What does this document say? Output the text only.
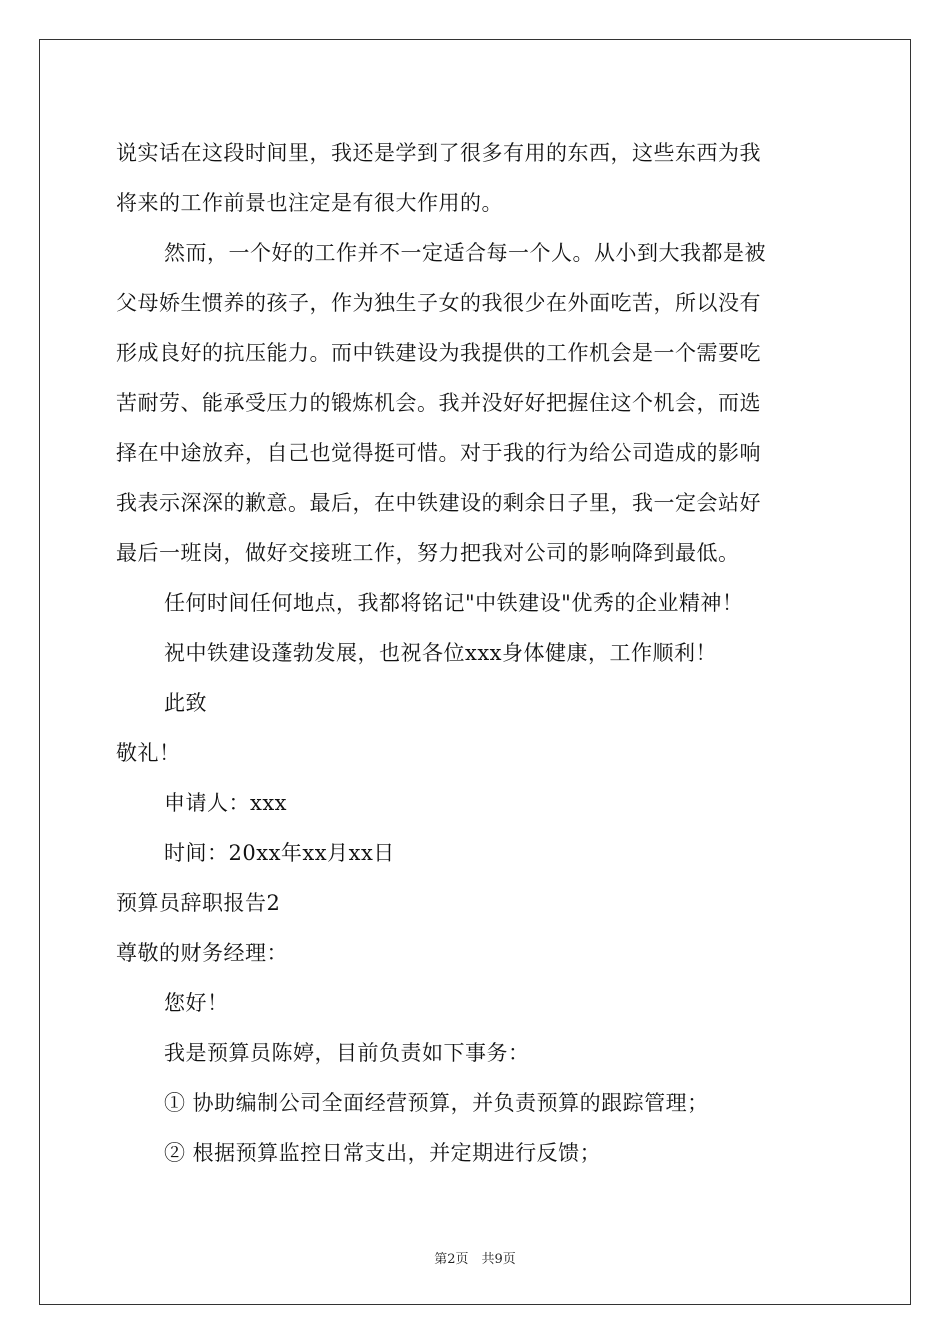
说实话在这段时间里，我还是学到了很多有用的东西，这些东西为我
将来的工作前景也注定是有很大作用的。
然而，一个好的工作并不一定适合每一个人。从小到大我都是被
父母娇生惯养的孩子，作为独生子女的我很少在外面吃苦，所以没有
形成良好的抗压能力。而中铁建设为我提供的工作机会是一个需要吃
苦耐劳、能承受压力的锻炼机会。我并没好好把握住这个机会，而选
择在中途放弃，自己也觉得挺可惜。对于我的行为给公司造成的影响
我表示深深的歉意。最后，在中铁建设的剩余日子里，我一定会站好
最后一班岗，做好交接班工作，努力把我对公司的影响降到最低。
任何时间任何地点，我都将铭记"中铁建设"优秀的企业精神！
祝中铁建设蓬勃发展，也祝各位xxx身体健康，工作顺利！
此致
敬礼！
申请人：xxx
时间：20xx年xx月xx日
预算员辞职报告2
尊敬的财务经理：
您好！
我是预算员陈婷，目前负责如下事务：
① 协助编制公司全面经营预算，并负责预算的跟踪管理；
② 根据预算监控日常支出，并定期进行反馈；
第2页　共9页
